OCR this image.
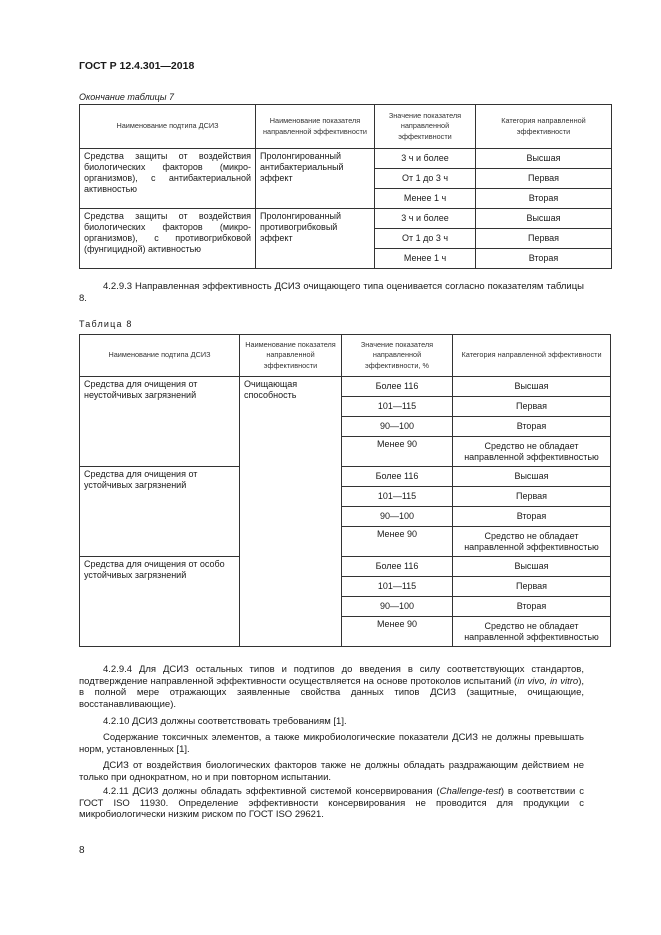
ГОСТ Р 12.4.301—2018
Окончание таблицы 7
Наименование подтипа ДСИЗ	Наименование показателя направленной эффективности	Значение показателя направленной эффективности	Категория направленной эффективности
Средства защиты от воздействия биологических факторов (микро-организмов), с антибактериальной активностью	Пролонгированный антибактериальный эффект	3 ч и более	Высшая
		От 1 до 3 ч	Первая
		Менее 1 ч	Вторая
Средства защиты от воздействия биологических факторов (микро-организмов), с противогрибковой (фунгицидной) активностью	Пролонгированный противогрибковый эффект	3 ч и более	Высшая
		От 1 до 3 ч	Первая
		Менее 1 ч	Вторая
4.2.9.3 Направленная эффективность ДСИЗ очищающего типа оценивается согласно показателям таблицы 8.
Таблица 8
Наименование подтипа ДСИЗ	Наименование показателя направленной эффективности	Значение показателя направленной эффективности, %	Категория направленной эффективности
Средства для очищения от неустойчивых загрязнений	Очищающая способность	Более 116	Высшая
		101—115	Первая
		90—100	Вторая
		Менее 90	Средство не обладает направленной эффективностью
Средства для очищения от устойчивых загрязнений		Более 116	Высшая
		101—115	Первая
		90—100	Вторая
		Менее 90	Средство не обладает направленной эффективностью
Средства для очищения от особо устойчивых загрязнений		Более 116	Высшая
		101—115	Первая
		90—100	Вторая
		Менее 90	Средство не обладает направленной эффективностью
4.2.9.4 Для ДСИЗ остальных типов и подтипов до введения в силу соответствующих стандартов, подтверждение направленной эффективности осуществляется на основе протоколов испытаний (in vivo, in vitro), в полной мере отражающих заявленные свойства данных типов ДСИЗ (защитные, очищающие, восстанавливающие).
4.2.10 ДСИЗ должны соответствовать требованиям [1].
Содержание токсичных элементов, а также микробиологические показатели ДСИЗ не должны превышать норм, установленных [1].
ДСИЗ от воздействия биологических факторов также не должны обладать раздражающим действием не только при однократном, но и при повторном испытании.
4.2.11 ДСИЗ должны обладать эффективной системой консервирования (Challenge-test) в соответствии с ГОСТ ISO 11930. Определение эффективности консервирования не проводится для продукции с микробиологически низким риском по ГОСТ ISO 29621.
8
